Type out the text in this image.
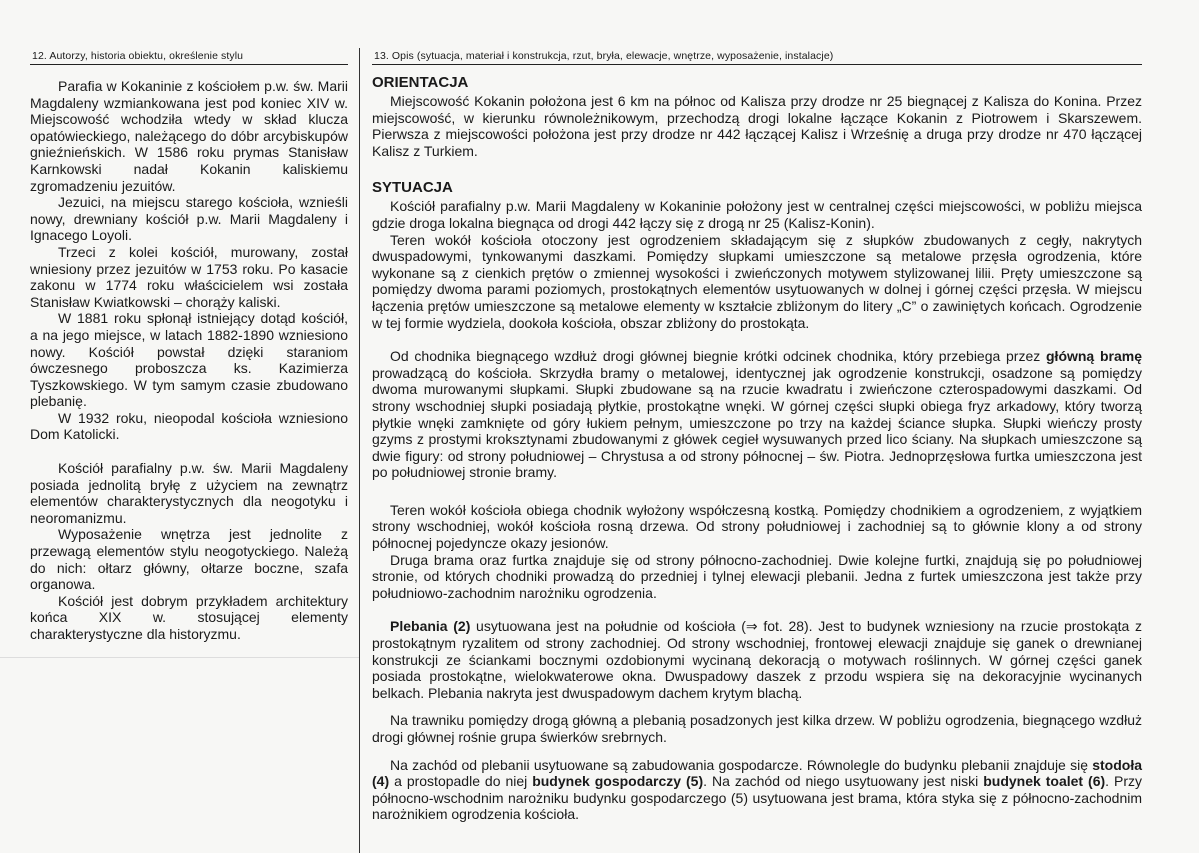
12. Autorzy, historia obiektu, określenie stylu

Parafia w Kokaninie z kościołem p.w. św. Marii Magdaleny wzmiankowana jest pod koniec XIV w. Miejscowość wchodziła wtedy w skład klucza opatówieckiego, należącego do dóbr arcybiskupów gnieźnieńskich. W 1586 roku prymas Stanisław Karnkowski nadał Kokanin kaliskiemu zgromadzeniu jezuitów.

Jezuici, na miejscu starego kościoła, wznieśli nowy, drewniany kościół p.w. Marii Magdaleny i Ignacego Loyoli.

Trzeci z kolei kościół, murowany, został wniesiony przez jezuitów w 1753 roku. Po kasacie zakonu w 1774 roku właścicielem wsi została Stanisław Kwiatkowski – chorąży kaliski.

W 1881 roku spłonął istniejący dotąd kościół, a na jego miejsce, w latach 1882-1890 wzniesiono nowy. Kościół powstał dzięki staraniom ówczesnego proboszcza ks. Kazimierza Tyszkowskiego. W tym samym czasie zbudowano plebanię.

W 1932 roku, nieopodal kościoła wzniesiono Dom Katolicki.

Kościół parafialny p.w. św. Marii Magdaleny posiada jednolitą bryłę z użyciem na zewnątrz elementów charakterystycznych dla neogotyku i neoromanizmu.

Wyposażenie wnętrza jest jednolite z przewagą elementów stylu neogotyckiego. Należą do nich: ołtarz główny, ołtarze boczne, szafa organowa.

Kościół jest dobrym przykładem architektury końca XIX w. stosującej elementy charakterystyczne dla historyzmu.

13. Opis (sytuacja, materiał i konstrukcja, rzut, bryła, elewacje, wnętrze, wyposażenie, instalacje)
ORIENTACJA

Miejscowość Kokanin położona jest 6 km na północ od Kalisza przy drodze nr 25 biegnącej z Kalisza do Konina. Przez miejscowość, w kierunku równoleżnikowym, przechodzą drogi lokalne łączące Kokanin z Piotrowem i Skarszewem. Pierwsza z miejscowości położona jest przy drodze nr 442 łączącej Kalisz i Wrześnię a druga przy drodze nr 470 łączącej Kalisz z Turkiem.

SYTUACJA

Kościół parafialny p.w. Marii Magdaleny w Kokaninie położony jest w centralnej części miejscowości, w pobliżu miejsca gdzie droga lokalna biegnąca od drogi 442 łączy się z drogą nr 25 (Kalisz-Konin).

Teren wokół kościoła otoczony jest ogrodzeniem składającym się z słupków zbudowanych z cegły, nakrytych dwuspadowymi, tynkowanymi daszkami. Pomiędzy słupkami umieszczone są metalowe przęsła ogrodzenia, które wykonane są z cienkich prętów o zmiennej wysokości i zwieńczonych motywem stylizowanej lilii. Pręty umieszczone są pomiędzy dwoma parami poziomych, prostokątnych elementów usytuowanych w dolnej i górnej części przęsła. W miejscu łączenia prętów umieszczone są metalowe elementy w kształcie zbliżonym do litery „C” o zawiniętych końcach. Ogrodzenie w tej formie wydziela, dookoła kościoła, obszar zbliżony do prostokąta.

Od chodnika biegnącego wzdłuż drogi głównej biegnie krótki odcinek chodnika, który przebiega przez główną bramę prowadzącą do kościoła. Skrzydła bramy o metalowej, identycznej jak ogrodzenie konstrukcji, osadzone są pomiędzy dwoma murowanymi słupkami. Słupki zbudowane są na rzucie kwadratu i zwieńczone czterospadowymi daszkami. Od strony wschodniej słupki posiadają płytkie, prostokątne wnęki. W górnej części słupki obiega fryz arkadowy, który tworzą płytkie wnęki zamknięte od góry łukiem pełnym, umieszczone po trzy na każdej ściance słupka. Słupki wieńczy prosty gzyms z prostymi kroksztynami zbudowanymi z główek cegieł wysuwanych przed lico ściany. Na słupkach umieszczone są dwie figury: od strony południowej – Chrystusa a od strony północnej – św. Piotra. Jednoprzęsłowa furtka umieszczona jest po południowej stronie bramy.

Teren wokół kościoła obiega chodnik wyłożony współczesną kostką. Pomiędzy chodnikiem a ogrodzeniem, z wyjątkiem strony wschodniej, wokół kościoła rosną drzewa. Od strony południowej i zachodniej są to głównie klony a od strony północnej pojedyncze okazy jesionów.

Druga brama oraz furtka znajduje się od strony północno-zachodniej. Dwie kolejne furtki, znajdują się po południowej stronie, od których chodniki prowadzą do przedniej i tylnej elewacji plebanii. Jedna z furtek umieszczona jest także przy południowo-zachodnim narożniku ogrodzenia.

Plebania (2) usytuowana jest na południe od kościoła (⇒ fot. 28). Jest to budynek wzniesiony na rzucie prostokąta z prostokątnym ryzalitem od strony zachodniej. Od strony wschodniej, frontowej elewacji znajduje się ganek o drewnianej konstrukcji ze ściankami bocznymi ozdobionymi wycinaną dekoracją o motywach roślinnych. W górnej części ganek posiada prostokątne, wielokwaterowe okna. Dwuspadowy daszek z przodu wspiera się na dekoracyjnie wycinanych belkach. Plebania nakryta jest dwuspadowym dachem krytym blachą.

Na trawniku pomiędzy drogą główną a plebanią posadzonych jest kilka drzew. W pobliżu ogrodzenia, biegnącego wzdłuż drogi głównej rośnie grupa świerków srebrnych.

Na zachód od plebanii usytuowane są zabudowania gospodarcze. Równolegle do budynku plebanii znajduje się stodoła (4) a prostopadle do niej budynek gospodarczy (5). Na zachód od niego usytuowany jest niski budynek toalet (6). Przy północno-wschodnim narożniku budynku gospodarczego (5) usytuowana jest brama, która styka się z północno-zachodnim narożnikiem ogrodzenia kościoła.
